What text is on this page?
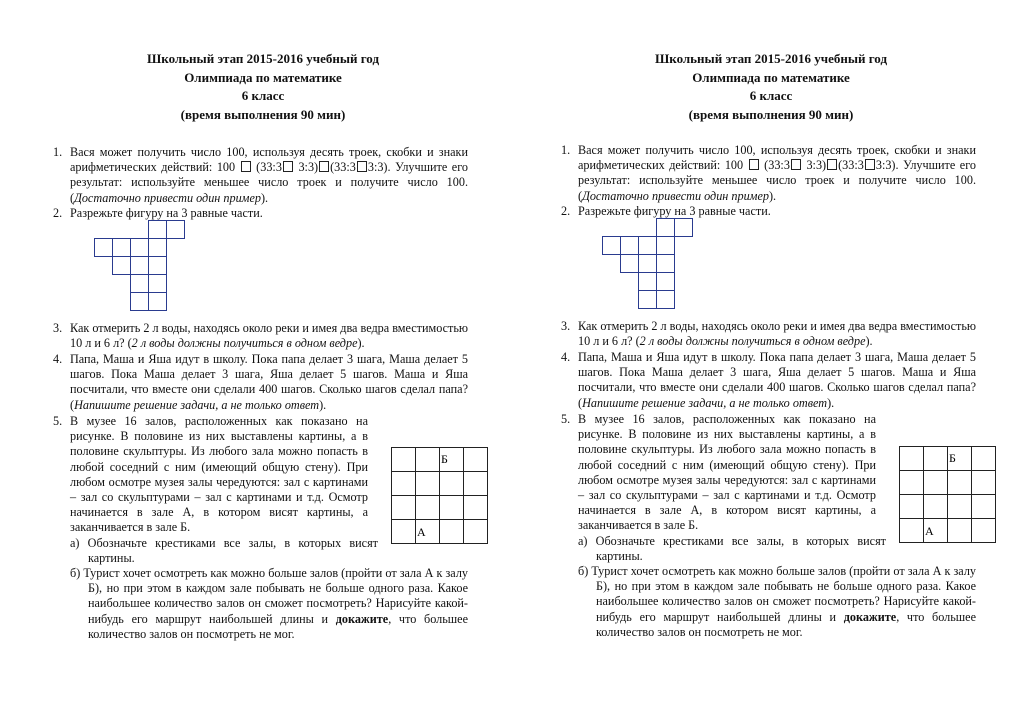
Школьный этап 2015-2016 учебный год
Олимпиада по математике
6 класс
(время выполнения 90 мин)
1. Вася может получить число 100, используя десять троек, скобки и знаки арифметических действий: 100  (33:3 3:3) (33:3 3:3). Улучшите его результат: используйте меньшее число троек и получите число 100. (Достаточно привести один пример).
2. Разрежьте фигуру на 3 равные части.
3. Как отмерить 2 л воды, находясь около реки и имея два ведра вместимостью 10 л и 6 л? (2 л воды должны получиться в одном ведре).
4. Папа, Маша и Яша идут в школу. Пока папа делает 3 шага, Маша делает 5 шагов. Пока Маша делает 3 шага, Яша делает 5 шагов. Маша и Яша посчитали, что вместе они сделали 400 шагов. Сколько шагов сделал папа? (Напишите решение задачи, а не только ответ).
5. В музее 16 залов, расположенных как показано на рисунке. В половине из них выставлены картины, а в половине скульптуры. Из любого зала можно попасть в любой соседний с ним (имеющий общую стену). При любом осмотре музея залы чередуются: зал с картинами – зал со скульптурами – зал с картинами и т.д. Осмотр начинается в зале А, в котором висят картины, а заканчивается в зале Б.
Б
А
а) Обозначьте крестиками все залы, в которых висят картины.
б) Турист хочет осмотреть как можно больше залов (пройти от зала А к залу Б), но при этом в каждом зале побывать не больше одного раза. Какое наибольшее количество залов он сможет посмотреть? Нарисуйте какой-нибудь его маршрут наибольшей длины и докажите, что большее количество залов он посмотреть не мог.
Школьный этап 2015-2016 учебный год
Олимпиада по математике
6 класс
(время выполнения 90 мин)
1. Вася может получить число 100, используя десять троек, скобки и знаки арифметических действий: 100  (33:3 3:3) (33:3 3:3). Улучшите его результат: используйте меньшее число троек и получите число 100. (Достаточно привести один пример).
2. Разрежьте фигуру на 3 равные части.
3. Как отмерить 2 л воды, находясь около реки и имея два ведра вместимостью 10 л и 6 л? (2 л воды должны получиться в одном ведре).
4. Папа, Маша и Яша идут в школу. Пока папа делает 3 шага, Маша делает 5 шагов. Пока Маша делает 3 шага, Яша делает 5 шагов. Маша и Яша посчитали, что вместе они сделали 400 шагов. Сколько шагов сделал папа? (Напишите решение задачи, а не только ответ).
5. В музее 16 залов, расположенных как показано на рисунке. В половине из них выставлены картины, а в половине скульптуры. Из любого зала можно попасть в любой соседний с ним (имеющий общую стену). При любом осмотре музея залы чередуются: зал с картинами – зал со скульптурами – зал с картинами и т.д. Осмотр начинается в зале А, в котором висят картины, а заканчивается в зале Б.
Б
А
а) Обозначьте крестиками все залы, в которых висят картины.
б) Турист хочет осмотреть как можно больше залов (пройти от зала А к залу Б), но при этом в каждом зале побывать не больше одного раза. Какое наибольшее количество залов он сможет посмотреть? Нарисуйте какой-нибудь его маршрут наибольшей длины и докажите, что большее количество залов он посмотреть не мог.
